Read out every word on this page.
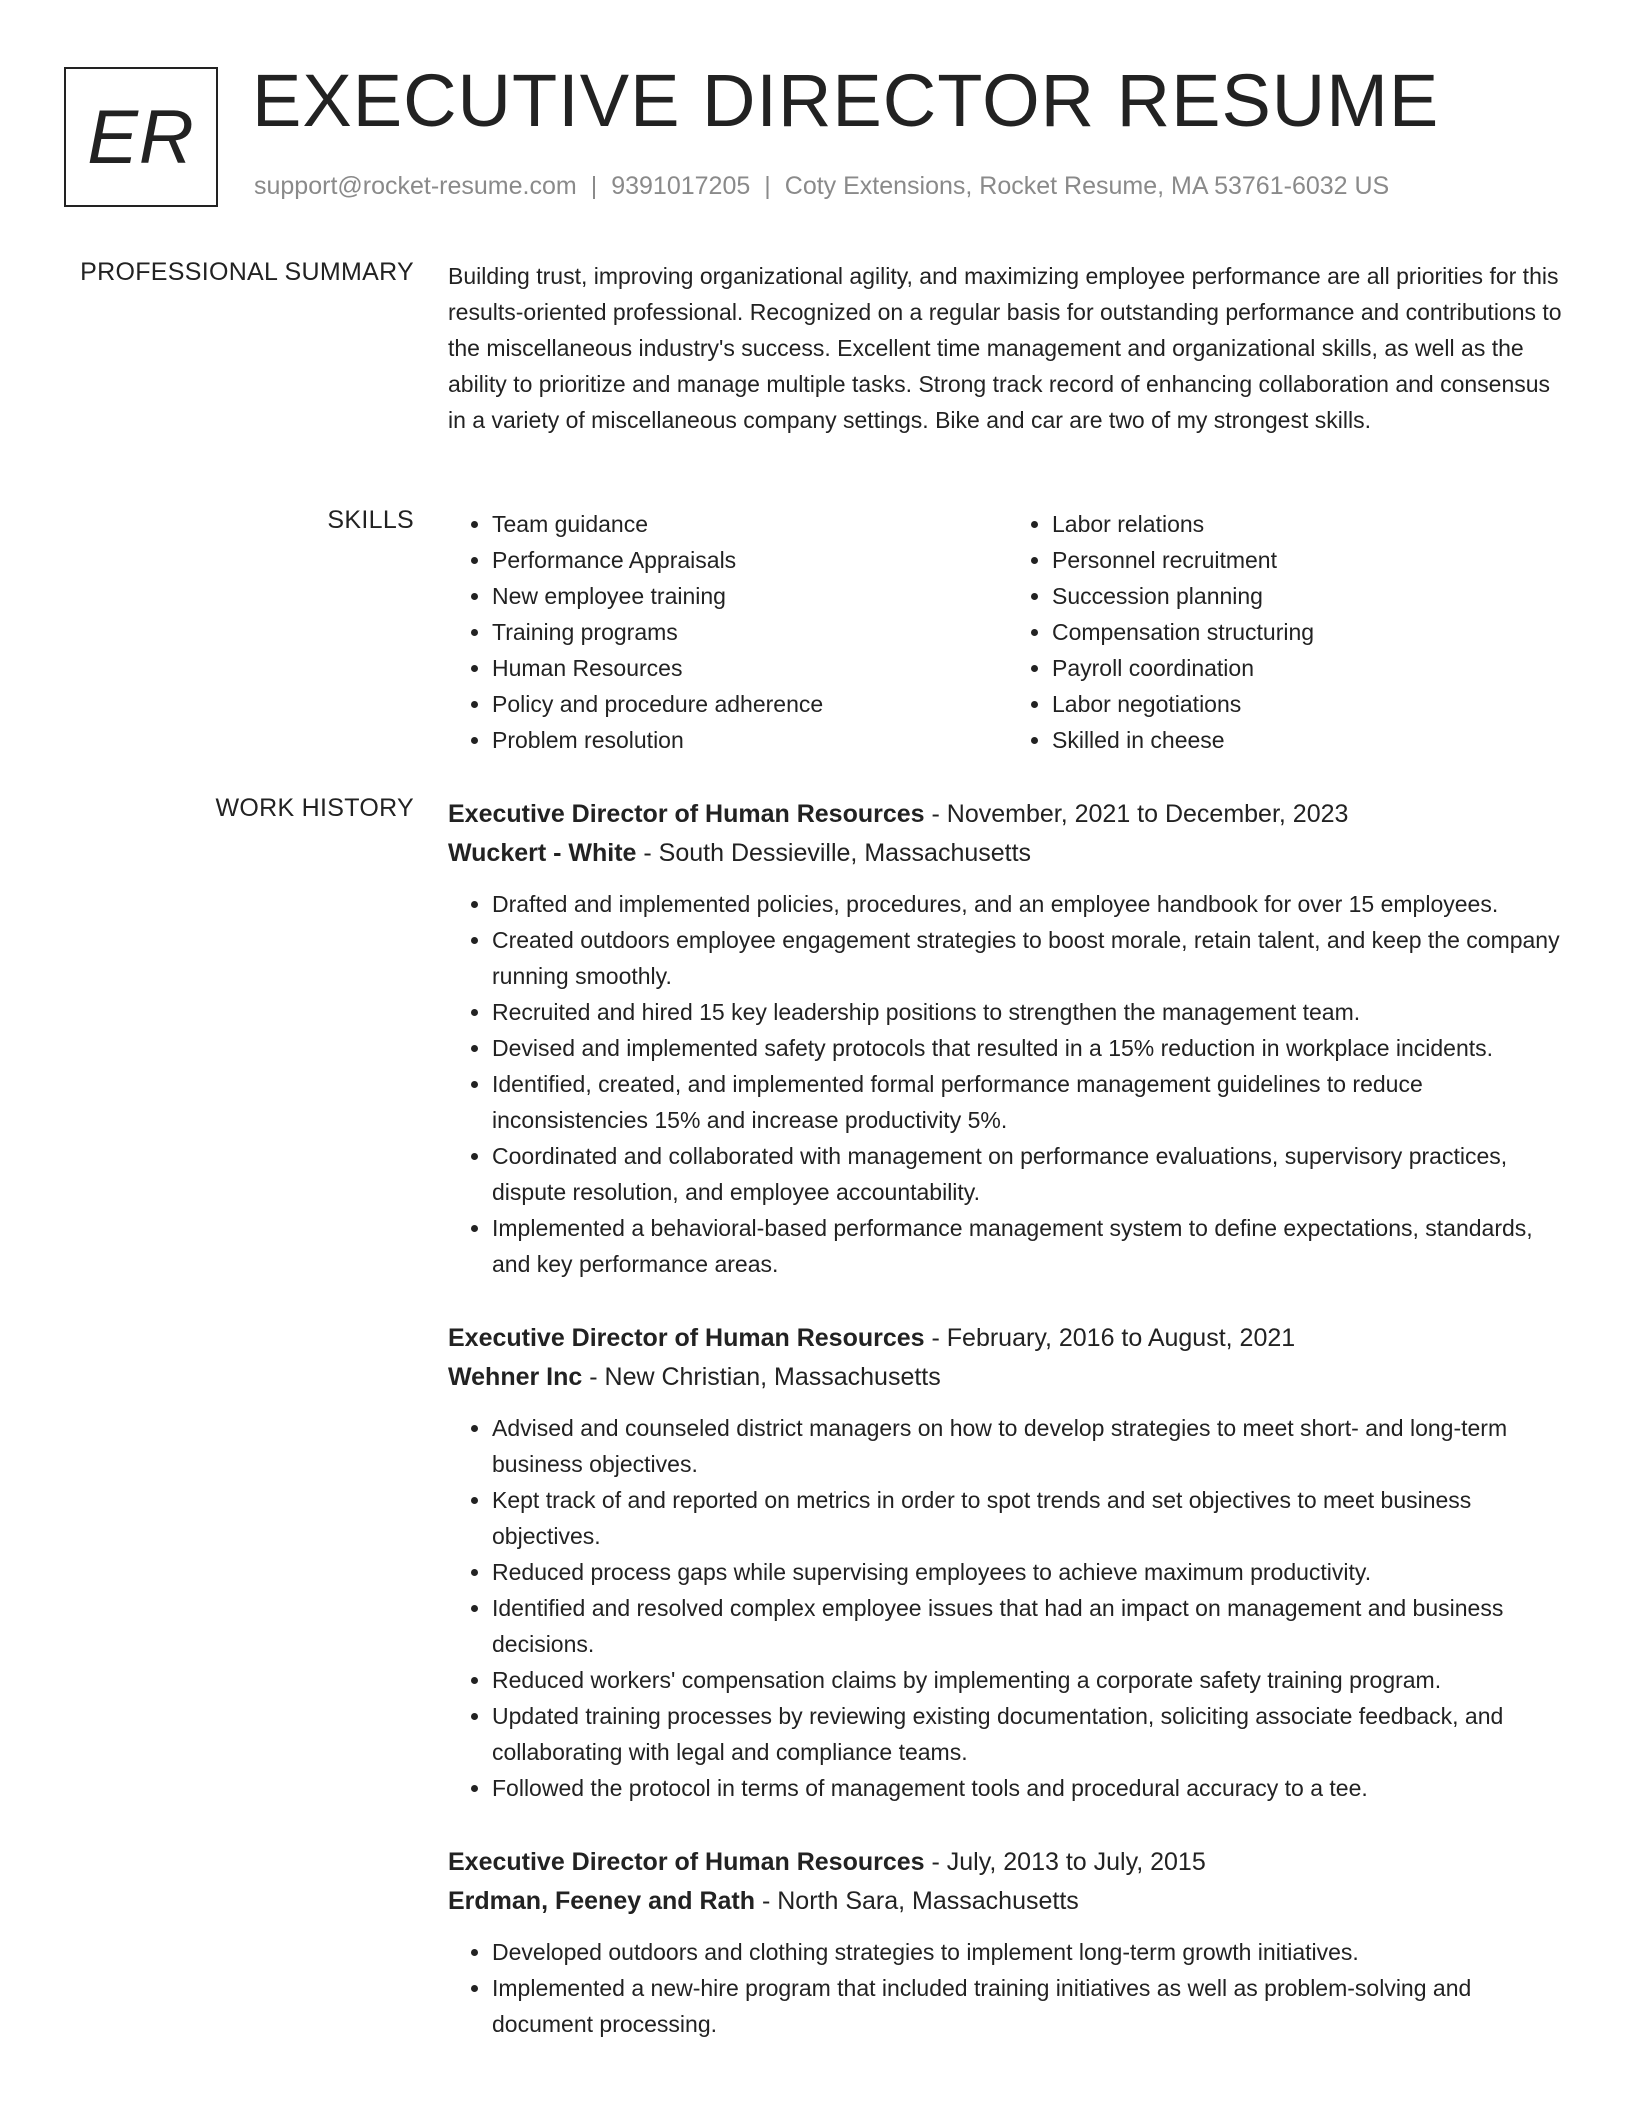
ER EXECUTIVE DIRECTOR RESUME
support@rocket-resume.com | 9391017205 | Coty Extensions, Rocket Resume, MA 53761-6032 US
PROFESSIONAL SUMMARY Building trust, improving organizational agility, and maximizing employee performance are all priorities for this results-oriented professional. Recognized on a regular basis for outstanding performance and contributions to the miscellaneous industry's success. Excellent time management and organizational skills, as well as the ability to prioritize and manage multiple tasks. Strong track record of enhancing collaboration and consensus in a variety of miscellaneous company settings. Bike and car are two of my strongest skills.

SKILLS
•	Team guidance
• Performance Appraisals
• New employee training
• Training programs
• Human Resources
• Policy and procedure adherence
• Problem resolution
• Labor relations
• Personnel recruitment
• Succession planning
• Compensation structuring
• Payroll coordination
• Labor negotiations
• Skilled in cheese
WORK HISTORY Executive Director of Human Resources - November, 2021 to December, 2023
Wuckert - White - South Dessieville, Massachusetts
• Drafted and implemented policies, procedures, and an employee handbook for over 15 employees.
• Created outdoors employee engagement strategies to boost morale, retain talent, and keep the company running smoothly.
• Recruited and hired 15 key leadership positions to strengthen the management team.
• Devised and implemented safety protocols that resulted in a 15% reduction in workplace incidents.
• Identified, created, and implemented formal performance management guidelines to reduce inconsistencies 15% and increase productivity 5%.
• Coordinated and collaborated with management on performance evaluations, supervisory practices, dispute resolution, and employee accountability.
• Implemented a behavioral-based performance management system to define expectations, standards, and key performance areas.
Executive Director of Human Resources - February, 2016 to August, 2021
Wehner Inc - New Christian, Massachusetts
• Advised and counseled district managers on how to develop strategies to meet short- and long-term business objectives.
• Kept track of and reported on metrics in order to spot trends and set objectives to meet business objectives.
• Reduced process gaps while supervising employees to achieve maximum productivity.
• Identified and resolved complex employee issues that had an impact on management and business decisions.
• Reduced workers' compensation claims by implementing a corporate safety training program.
• Updated training processes by reviewing existing documentation, soliciting associate feedback, and collaborating with legal and compliance teams.
• Followed the protocol in terms of management tools and procedural accuracy to a tee.
Executive Director of Human Resources - July, 2013 to July, 2015
Erdman, Feeney and Rath - North Sara, Massachusetts
• Developed outdoors and clothing strategies to implement long-term growth initiatives.
• Implemented a new-hire program that included training initiatives as well as problem-solving and document processing.
